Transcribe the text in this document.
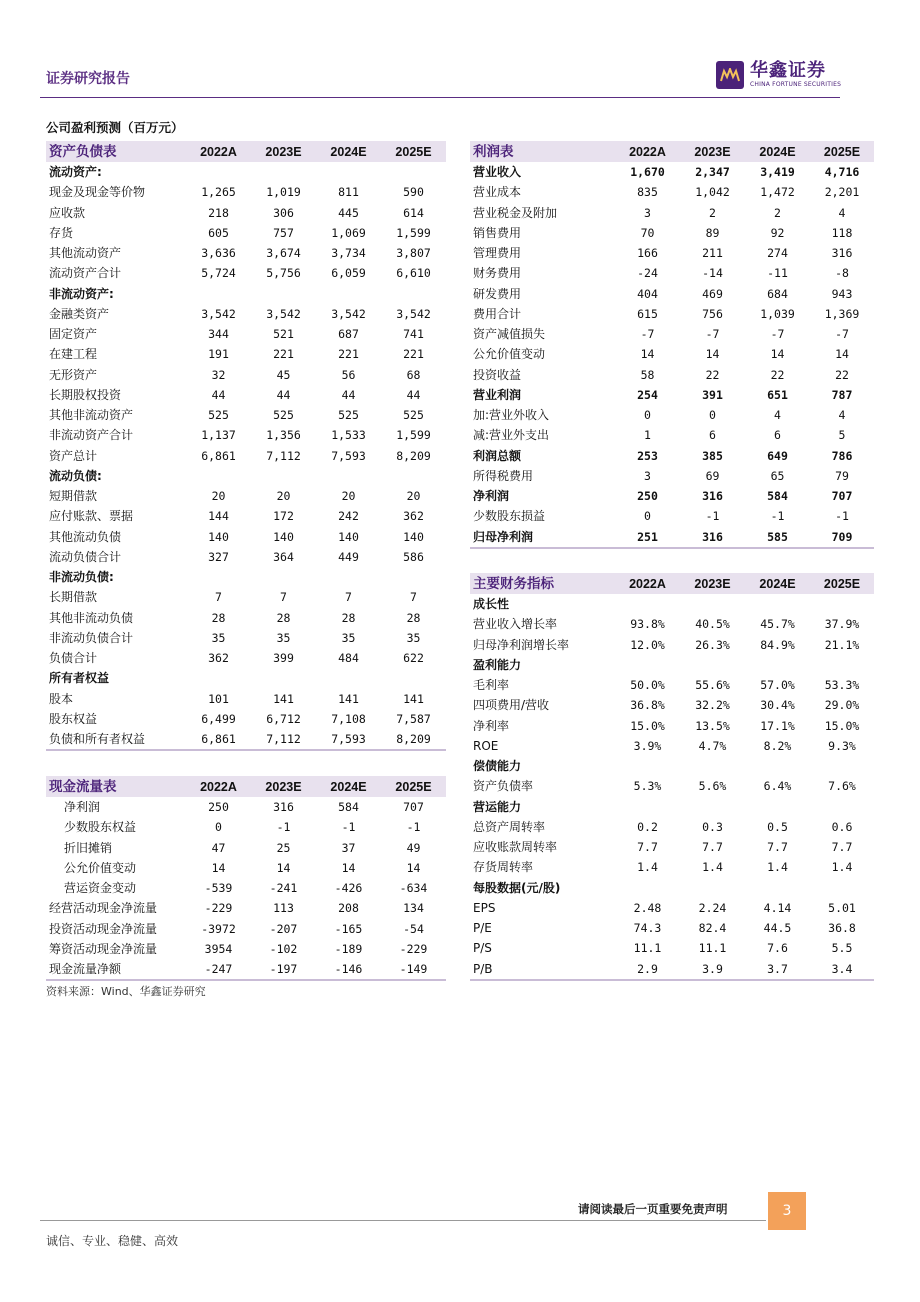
证券研究报告	华鑫证券
CHINA FORTUNE SECURITIES
公司盈利预测（百万元）
资产负债表	2022A	2023E	2024E	2025E
流动资产:				
现金及现金等价物	1,265	1,019	811	590
应收款	218	306	445	614
存货	605	757	1,069	1,599
其他流动资产	3,636	3,674	3,734	3,807
流动资产合计	5,724	5,756	6,059	6,610
非流动资产:				
金融类资产	3,542	3,542	3,542	3,542
固定资产	344	521	687	741
在建工程	191	221	221	221
无形资产	32	45	56	68
长期股权投资	44	44	44	44
其他非流动资产	525	525	525	525
非流动资产合计	1,137	1,356	1,533	1,599
资产总计	6,861	7,112	7,593	8,209
流动负债:				
短期借款	20	20	20	20
应付账款、票据	144	172	242	362
其他流动负债	140	140	140	140
流动负债合计	327	364	449	586
非流动负债:				
长期借款	7	7	7	7
其他非流动负债	28	28	28	28
非流动负债合计	35	35	35	35
负债合计	362	399	484	622
所有者权益				
股本	101	141	141	141
股东权益	6,499	6,712	7,108	7,587
负债和所有者权益	6,861	7,112	7,593	8,209
现金流量表	2022A	2023E	2024E	2025E
净利润	250	316	584	707
少数股东权益	0	-1	-1	-1
折旧摊销	47	25	37	49
公允价值变动	14	14	14	14
营运资金变动	-539	-241	-426	-634
经营活动现金净流量	-229	113	208	134
投资活动现金净流量	-3972	-207	-165	-54
筹资活动现金净流量	3954	-102	-189	-229
现金流量净额	-247	-197	-146	-149
利润表	2022A	2023E	2024E	2025E
营业收入	1,670	2,347	3,419	4,716
营业成本	835	1,042	1,472	2,201
营业税金及附加	3	2	2	4
销售费用	70	89	92	118
管理费用	166	211	274	316
财务费用	-24	-14	-11	-8
研发费用	404	469	684	943
费用合计	615	756	1,039	1,369
资产减值损失	-7	-7	-7	-7
公允价值变动	14	14	14	14
投资收益	58	22	22	22
营业利润	254	391	651	787
加:营业外收入	0	0	4	4
减:营业外支出	1	6	6	5
利润总额	253	385	649	786
所得税费用	3	69	65	79
净利润	250	316	584	707
少数股东损益	0	-1	-1	-1
归母净利润	251	316	585	709
主要财务指标	2022A	2023E	2024E	2025E
成长性				
营业收入增长率	93.8%	40.5%	45.7%	37.9%
归母净利润增长率	12.0%	26.3%	84.9%	21.1%
盈利能力				
毛利率	50.0%	55.6%	57.0%	53.3%
四项费用/营收	36.8%	32.2%	30.4%	29.0%
净利率	15.0%	13.5%	17.1%	15.0%
ROE	3.9%	4.7%	8.2%	9.3%
偿债能力				
资产负债率	5.3%	5.6%	6.4%	7.6%
营运能力				
总资产周转率	0.2	0.3	0.5	0.6
应收账款周转率	7.7	7.7	7.7	7.7
存货周转率	1.4	1.4	1.4	1.4
每股数据(元/股)				
EPS	2.48	2.24	4.14	5.01
P/E	74.3	82.4	44.5	36.8
P/S	11.1	11.1	7.6	5.5
P/B	2.9	3.9	3.7	3.4
资料来源：Wind、华鑫证券研究
请阅读最后一页重要免责声明	3
诚信、专业、稳健、高效
